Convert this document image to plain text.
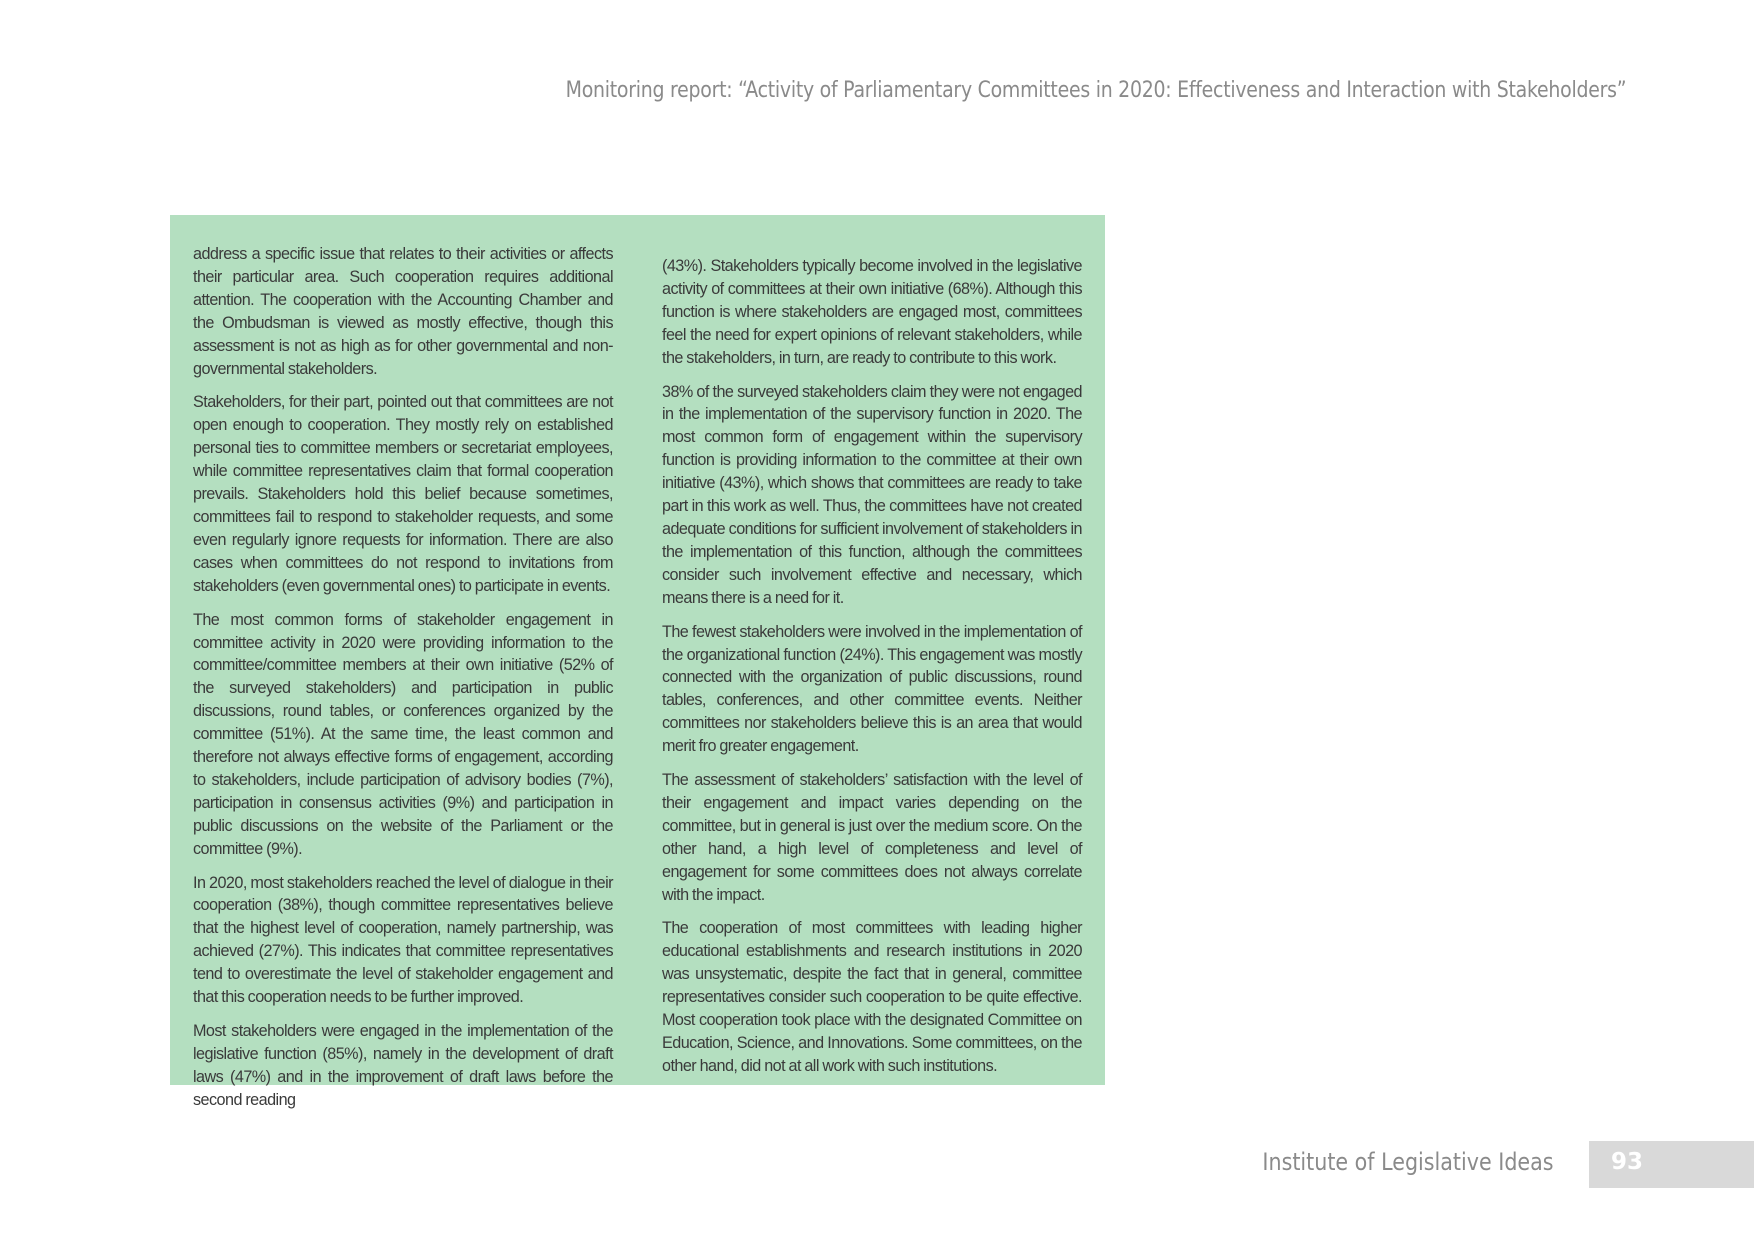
Monitoring report: “Activity of Parliamentary Committees in 2020: Effectiveness and Interaction with Stakeholders”

address a specific issue that relates to their activities or affects their particular area. Such cooperation requires additional attention. The cooperation with the Accounting Chamber and the Ombudsman is viewed as mostly effective, though this assessment is not as high as for other governmental and non-governmental stakeholders.

Stakeholders, for their part, pointed out that committees are not open enough to cooperation. They mostly rely on established personal ties to committee members or secretariat employees, while committee representatives claim that formal cooperation prevails. Stakeholders hold this belief because sometimes, committees fail to respond to stakeholder requests, and some even regularly ignore requests for information. There are also cases when committees do not respond to invitations from stakeholders (even governmental ones) to participate in events.

The most common forms of stakeholder engagement in committee activity in 2020 were providing information to the committee/committee members at their own initiative (52% of the surveyed stakeholders) and participation in public discussions, round tables, or conferences organized by the committee (51%). At the same time, the least common and therefore not always effective forms of engagement, according to stakeholders, include participation of advisory bodies (7%), participation in consensus activities (9%) and participation in public discussions on the website of the Parliament or the committee (9%).

In 2020, most stakeholders reached the level of dialogue in their cooperation (38%), though committee representatives believe that the highest level of cooperation, namely partnership, was achieved (27%). This indicates that committee representatives tend to overestimate the level of stakeholder engagement and that this cooperation needs to be further improved.

Most stakeholders were engaged in the implementation of the legislative function (85%), namely in the development of draft laws (47%) and in the improvement of draft laws before the second reading

(43%). Stakeholders typically become involved in the legislative activity of committees at their own initiative (68%). Although this function is where stakeholders are engaged most, committees feel the need for expert opinions of relevant stakeholders, while the stakeholders, in turn, are ready to contribute to this work.

38% of the surveyed stakeholders claim they were not engaged in the implementation of the supervisory function in 2020. The most common form of engagement within the supervisory function is providing information to the committee at their own initiative (43%), which shows that committees are ready to take part in this work as well. Thus, the committees have not created adequate conditions for sufficient involvement of stakeholders in the implementation of this function, although the committees consider such involvement effective and necessary, which means there is a need for it.

The fewest stakeholders were involved in the implementation of the organizational function (24%). This engagement was mostly connected with the organization of public discussions, round tables, conferences, and other committee events. Neither committees nor stakeholders believe this is an area that would merit fro greater engagement.

The assessment of stakeholders’ satisfaction with the level of their engagement and impact varies depending on the committee, but in general is just over the medium score. On the other hand, a high level of completeness and level of engagement for some committees does not always correlate with the impact.

The cooperation of most committees with leading higher educational establishments and research institutions in 2020 was unsystematic, despite the fact that in general, committee representatives consider such cooperation to be quite effective. Most cooperation took place with the designated Committee on Education, Science, and Innovations. Some committees, on the other hand, did not at all work with such institutions.

Institute of Legislative Ideas 93
